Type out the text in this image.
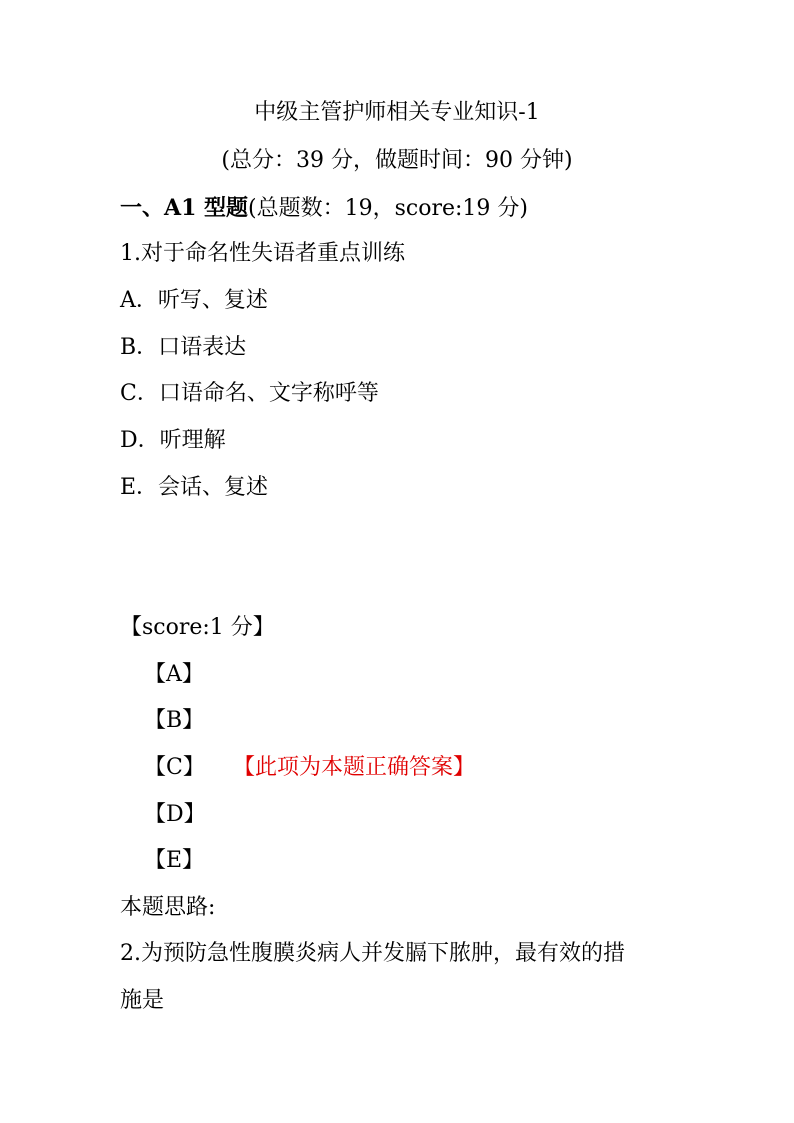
中级主管护师相关专业知识-1
(总分：39 分，做题时间：90 分钟)
一、A1 型题(总题数：19，score:19 分)
1.对于命名性失语者重点训练
A．听写、复述
B．口语表达
C．口语命名、文字称呼等
D．听理解
E．会话、复述
【score:1 分】
【A】
【B】
【C】 【此项为本题正确答案】
【D】
【E】
本题思路:
2.为预防急性腹膜炎病人并发膈下脓肿，最有效的措
施是
